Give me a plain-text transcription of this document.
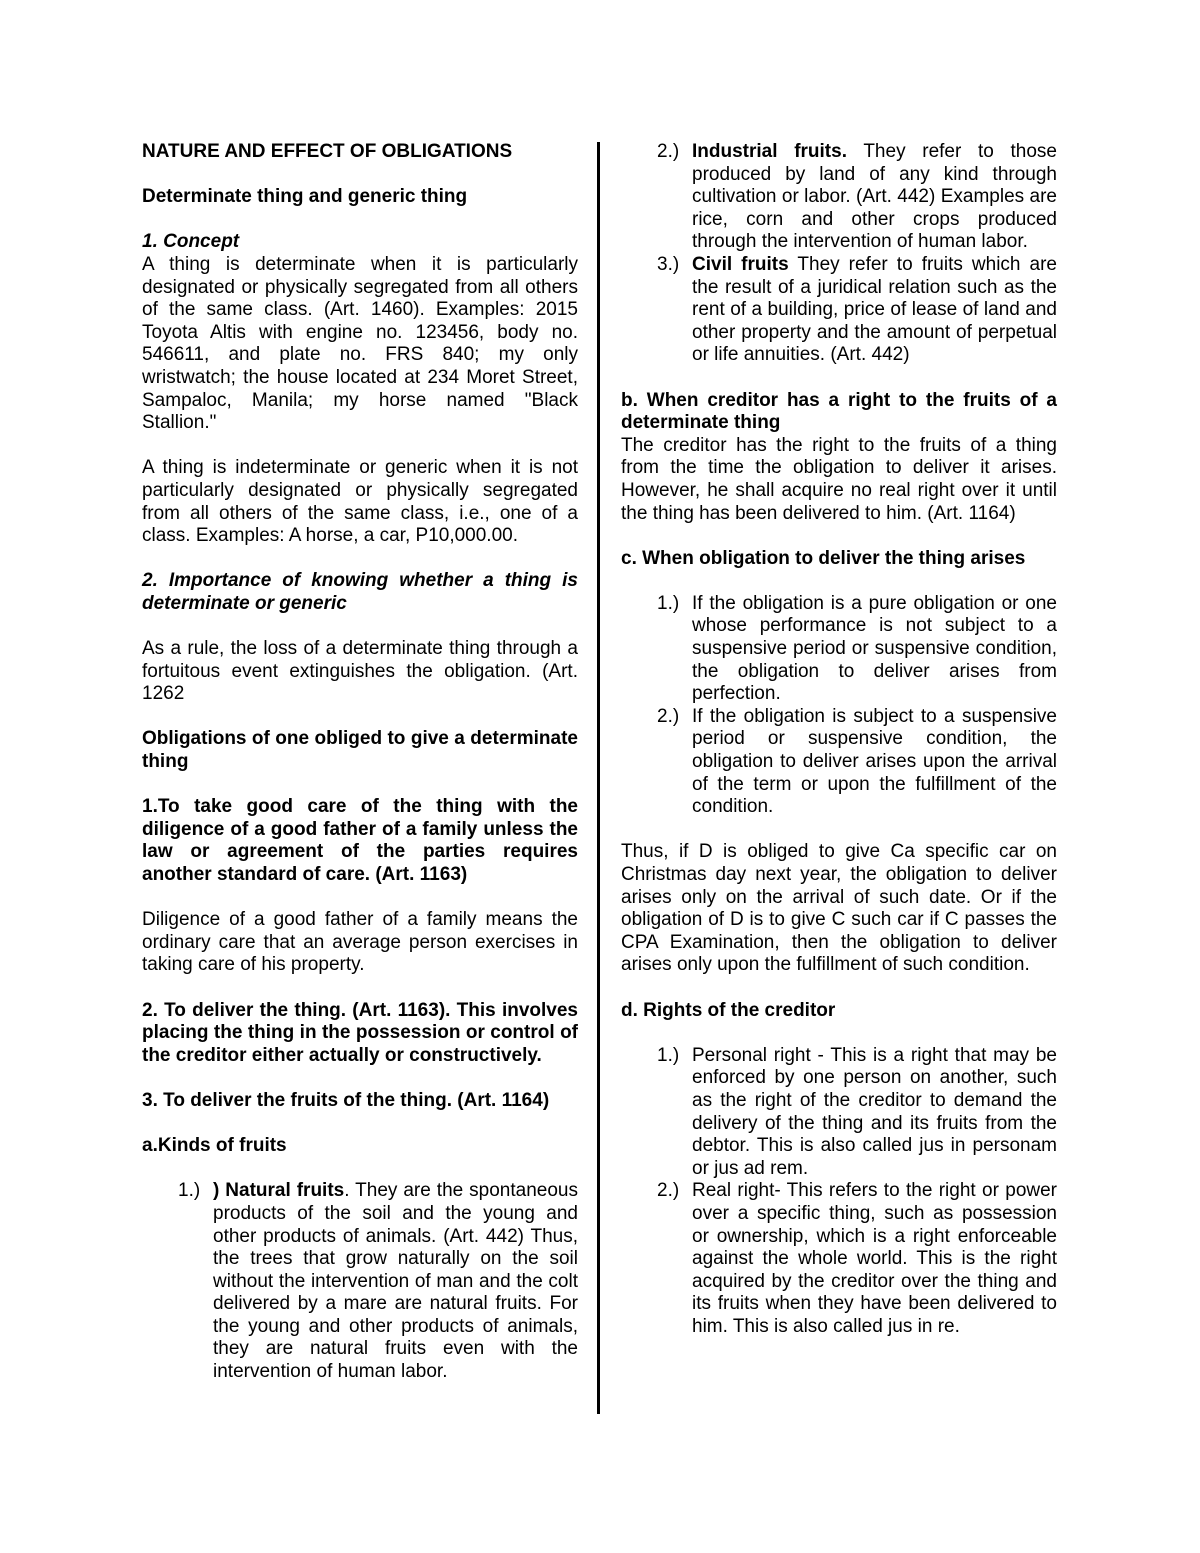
NATURE AND EFFECT OF OBLIGATIONS

Determinate thing and generic thing

1. Concept

A thing is determinate when it is particularly designated or physically segregated from all others of the same class. (Art. 1460). Examples: 2015 Toyota Altis with engine no. 123456, body no. 546611, and plate no. FRS 840; my only wristwatch; the house located at 234 Moret Street, Sampaloc, Manila; my horse named "Black Stallion."

A thing is indeterminate or generic when it is not particularly designated or physically segregated from all others of the same class, i.e., one of a class. Examples: A horse, a car, P10,000.00.

2. Importance of knowing whether a thing is determinate or generic

As a rule, the loss of a determinate thing through a fortuitous event extinguishes the obligation. (Art. 1262

Obligations of one obliged to give a determinate thing

1.To take good care of the thing with the diligence of a good father of a family unless the law or agreement of the parties requires another standard of care. (Art. 1163)

Diligence of a good father of a family means the ordinary care that an average person exercises in taking care of his property.

2. To deliver the thing. (Art. 1163). This involves placing the thing in the possession or control of the creditor either actually or constructively.

3. To deliver the fruits of the thing. (Art. 1164)

a.Kinds of fruits

1.) ) Natural fruits. They are the spontaneous products of the soil and the young and other products of animals. (Art. 442) Thus, the trees that grow naturally on the soil without the intervention of man and the colt delivered by a mare are natural fruits. For the young and other products of animals, they are natural fruits even with the intervention of human labor.
2.) Industrial fruits. They refer to those produced by land of any kind through cultivation or labor. (Art. 442) Examples are rice, corn and other crops produced through the intervention of human labor.
3.) Civil fruits They refer to fruits which are the result of a juridical relation such as the rent of a building, price of lease of land and other property and the amount of perpetual or life annuities. (Art. 442)

b. When creditor has a right to the fruits of a determinate thing

The creditor has the right to the fruits of a thing from the time the obligation to deliver it arises. However, he shall acquire no real right over it until the thing has been delivered to him. (Art. 1164)

c. When obligation to deliver the thing arises

1.) If the obligation is a pure obligation or one whose performance is not subject to a suspensive period or suspensive condition, the obligation to deliver arises from perfection.
2.) If the obligation is subject to a suspensive period or suspensive condition, the obligation to deliver arises upon the arrival of the term or upon the fulfillment of the condition.

Thus, if D is obliged to give Ca specific car on Christmas day next year, the obligation to deliver arises only on the arrival of such date. Or if the obligation of D is to give C such car if C passes the CPA Examination, then the obligation to deliver arises only upon the fulfillment of such condition.

d. Rights of the creditor

1.) Personal right - This is a right that may be enforced by one person on another, such as the right of the creditor to demand the delivery of the thing and its fruits from the debtor. This is also called jus in personam or jus ad rem.
2.) Real right- This refers to the right or power over a specific thing, such as possession or ownership, which is a right enforceable against the whole world. This is the right acquired by the creditor over the thing and its fruits when they have been delivered to him. This is also called jus in re.
